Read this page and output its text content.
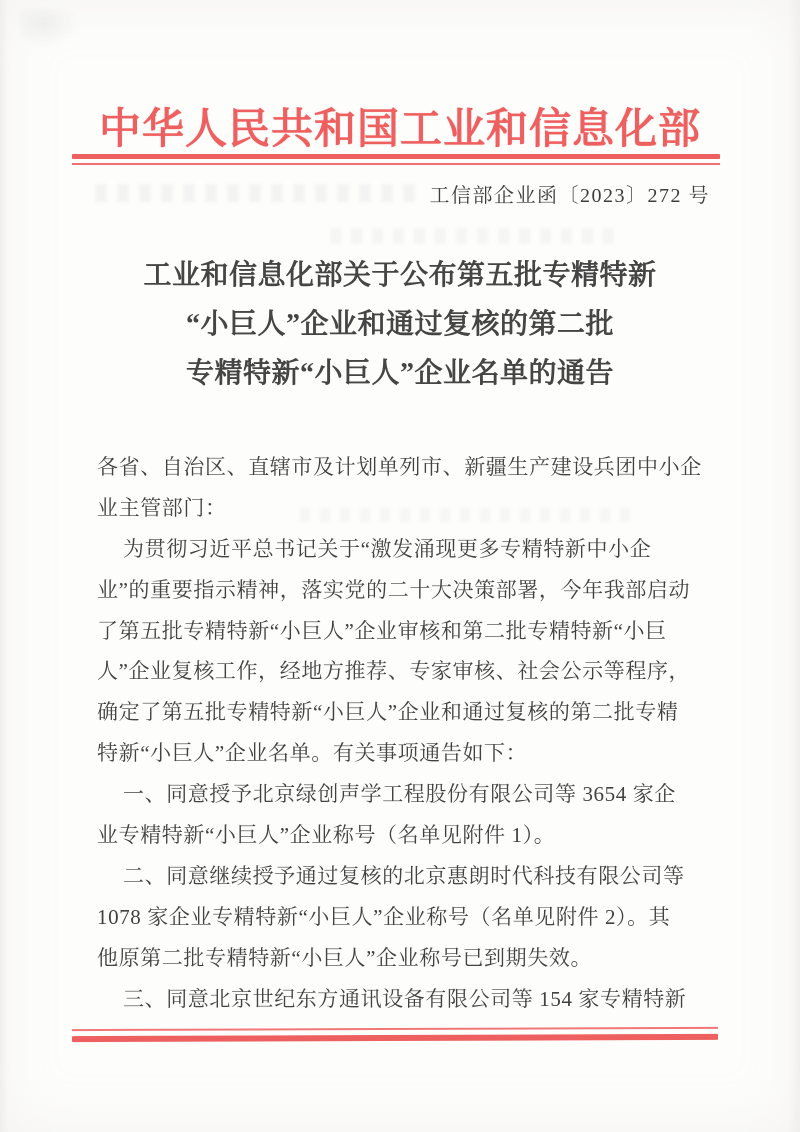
中华人民共和国工业和信息化部
工信部企业函〔2023〕272 号
工业和信息化部关于公布第五批专精特新
“小巨人”企业和通过复核的第二批
专精特新“小巨人”企业名单的通告
各省、自治区、直辖市及计划单列市、新疆生产建设兵团中小企
业主管部门：
为贯彻习近平总书记关于“激发涌现更多专精特新中小企
业”的重要指示精神，落实党的二十大决策部署，今年我部启动
了第五批专精特新“小巨人”企业审核和第二批专精特新“小巨
人”企业复核工作，经地方推荐、专家审核、社会公示等程序，
确定了第五批专精特新“小巨人”企业和通过复核的第二批专精
特新“小巨人”企业名单。有关事项通告如下：
一、同意授予北京绿创声学工程股份有限公司等 3654 家企
业专精特新“小巨人”企业称号（名单见附件 1）。
二、同意继续授予通过复核的北京惠朗时代科技有限公司等
1078 家企业专精特新“小巨人”企业称号（名单见附件 2）。其
他原第二批专精特新“小巨人”企业称号已到期失效。
三、同意北京世纪东方通讯设备有限公司等 154 家专精特新
